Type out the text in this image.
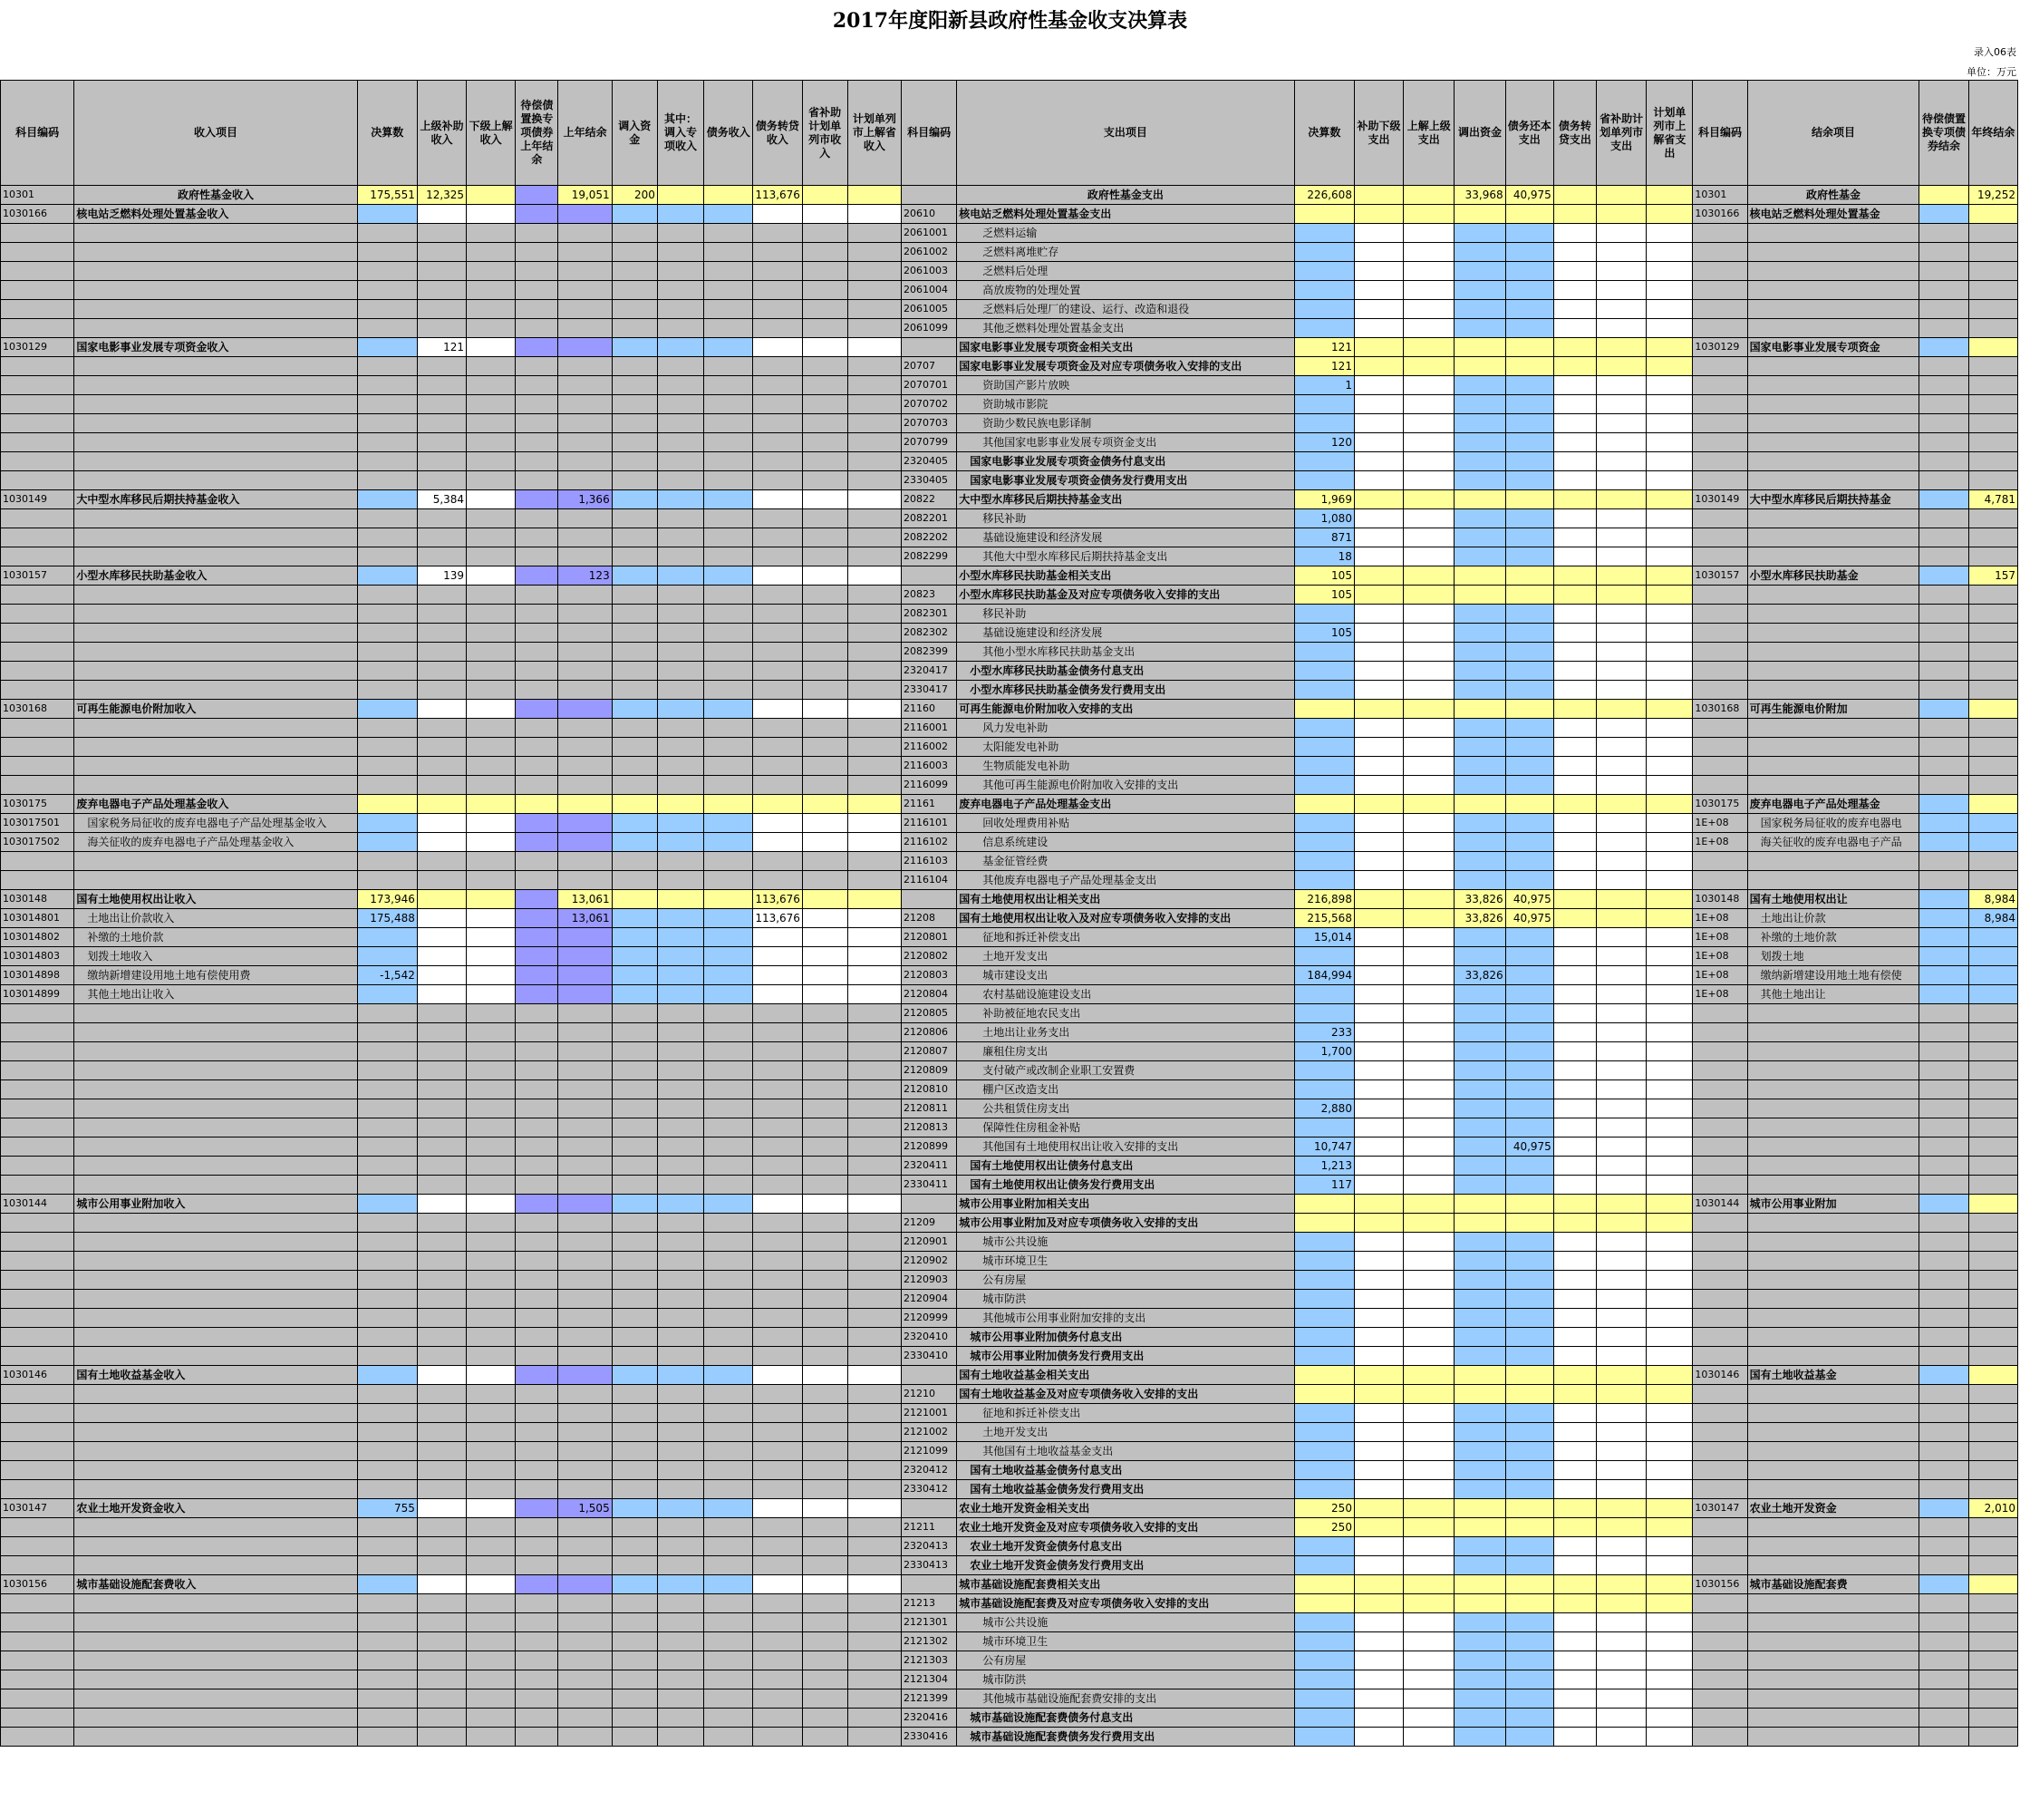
2017年度阳新县政府性基金收支决算表
录入06表
单位：万元
科目编码	收入项目	决算数	上级补助收入	下级上解收入	待偿债置换专项债券上年结余	上年结余	调入资金	其中：调入专项收入	债务收入	债务转贷收入	省补助计划单列市收入	计划单列市上解省收入	科目编码	支出项目	决算数	补助下级支出	上解上级支出	调出资金	债务还本支出	债务转贷支出	省补助计划单列市支出	计划单列市上解省支出	科目编码	结余项目	待偿债置换专项债券结余	年终结余
10301	政府性基金收入	175,551	12,325			19,051	200			113,676				政府性基金支出	226,608			33,968	40,975				10301	政府性基金		19,252
1030166	核电站乏燃料处理处置基金收入												20610	核电站乏燃料处理处置基金支出									1030166	核电站乏燃料处理处置基金		
													2061001	乏燃料运输												
													2061002	乏燃料离堆贮存												
													2061003	乏燃料后处理												
													2061004	高放废物的处理处置												
													2061005	乏燃料后处理厂的建设、运行、改造和退役												
													2061099	其他乏燃料处理处置基金支出												
1030129	国家电影事业发展专项资金收入		121											国家电影事业发展专项资金相关支出	121								1030129	国家电影事业发展专项资金		
													20707	国家电影事业发展专项资金及对应专项债务收入安排的支出	121											
													2070701	资助国产影片放映	1											
													2070702	资助城市影院												
													2070703	资助少数民族电影译制												
													2070799	其他国家电影事业发展专项资金支出	120											
													2320405	国家电影事业发展专项资金债务付息支出												
													2330405	国家电影事业发展专项资金债务发行费用支出												
1030149	大中型水库移民后期扶持基金收入		5,384			1,366							20822	大中型水库移民后期扶持基金支出	1,969								1030149	大中型水库移民后期扶持基金		4,781
													2082201	移民补助	1,080											
													2082202	基础设施建设和经济发展	871											
													2082299	其他大中型水库移民后期扶持基金支出	18											
1030157	小型水库移民扶助基金收入		139			123								小型水库移民扶助基金相关支出	105								1030157	小型水库移民扶助基金		157
													20823	小型水库移民扶助基金及对应专项债务收入安排的支出	105											
													2082301	移民补助												
													2082302	基础设施建设和经济发展	105											
													2082399	其他小型水库移民扶助基金支出												
													2320417	小型水库移民扶助基金债务付息支出												
													2330417	小型水库移民扶助基金债务发行费用支出												
1030168	可再生能源电价附加收入												21160	可再生能源电价附加收入安排的支出									1030168	可再生能源电价附加		
													2116001	风力发电补助												
													2116002	太阳能发电补助												
													2116003	生物质能发电补助												
													2116099	其他可再生能源电价附加收入安排的支出												
1030175	废弃电器电子产品处理基金收入												21161	废弃电器电子产品处理基金支出									1030175	废弃电器电子产品处理基金		
103017501	国家税务局征收的废弃电器电子产品处理基金收入												2116101	回收处理费用补贴									1E+08	国家税务局征收的废弃电器电		
103017502	海关征收的废弃电器电子产品处理基金收入												2116102	信息系统建设									1E+08	海关征收的废弃电器电子产品		
													2116103	基金征管经费												
													2116104	其他废弃电器电子产品处理基金支出												
1030148	国有土地使用权出让收入	173,946				13,061				113,676				国有土地使用权出让相关支出	216,898			33,826	40,975				1030148	国有土地使用权出让		8,984
103014801	土地出让价款收入	175,488				13,061				113,676			21208	国有土地使用权出让收入及对应专项债务收入安排的支出	215,568			33,826	40,975				1E+08	土地出让价款		8,984
103014802	补缴的土地价款												2120801	征地和拆迁补偿支出	15,014								1E+08	补缴的土地价款		
103014803	划拨土地收入												2120802	土地开发支出									1E+08	划拨土地		
103014898	缴纳新增建设用地土地有偿使用费	-1,542											2120803	城市建设支出	184,994			33,826					1E+08	缴纳新增建设用地土地有偿使		
103014899	其他土地出让收入												2120804	农村基础设施建设支出									1E+08	其他土地出让		
													2120805	补助被征地农民支出												
													2120806	土地出让业务支出	233											
													2120807	廉租住房支出	1,700											
													2120809	支付破产或改制企业职工安置费												
													2120810	棚户区改造支出												
													2120811	公共租赁住房支出	2,880											
													2120813	保障性住房租金补贴												
													2120899	其他国有土地使用权出让收入安排的支出	10,747				40,975							
													2320411	国有土地使用权出让债务付息支出	1,213											
													2330411	国有土地使用权出让债务发行费用支出	117											
1030144	城市公用事业附加收入													城市公用事业附加相关支出									1030144	城市公用事业附加		
													21209	城市公用事业附加及对应专项债务收入安排的支出												
													2120901	城市公共设施												
													2120902	城市环境卫生												
													2120903	公有房屋												
													2120904	城市防洪												
													2120999	其他城市公用事业附加安排的支出												
													2320410	城市公用事业附加债务付息支出												
													2330410	城市公用事业附加债务发行费用支出												
1030146	国有土地收益基金收入													国有土地收益基金相关支出									1030146	国有土地收益基金		
													21210	国有土地收益基金及对应专项债务收入安排的支出												
													2121001	征地和拆迁补偿支出												
													2121002	土地开发支出												
													2121099	其他国有土地收益基金支出												
													2320412	国有土地收益基金债务付息支出												
													2330412	国有土地收益基金债务发行费用支出												
1030147	农业土地开发资金收入	755				1,505								农业土地开发资金相关支出	250								1030147	农业土地开发资金		2,010
													21211	农业土地开发资金及对应专项债务收入安排的支出	250											
													2320413	农业土地开发资金债务付息支出												
													2330413	农业土地开发资金债务发行费用支出												
1030156	城市基础设施配套费收入													城市基础设施配套费相关支出									1030156	城市基础设施配套费		
													21213	城市基础设施配套费及对应专项债务收入安排的支出												
													2121301	城市公共设施												
													2121302	城市环境卫生												
													2121303	公有房屋												
													2121304	城市防洪												
													2121399	其他城市基础设施配套费安排的支出												
													2320416	城市基础设施配套费债务付息支出												
													2330416	城市基础设施配套费债务发行费用支出												
